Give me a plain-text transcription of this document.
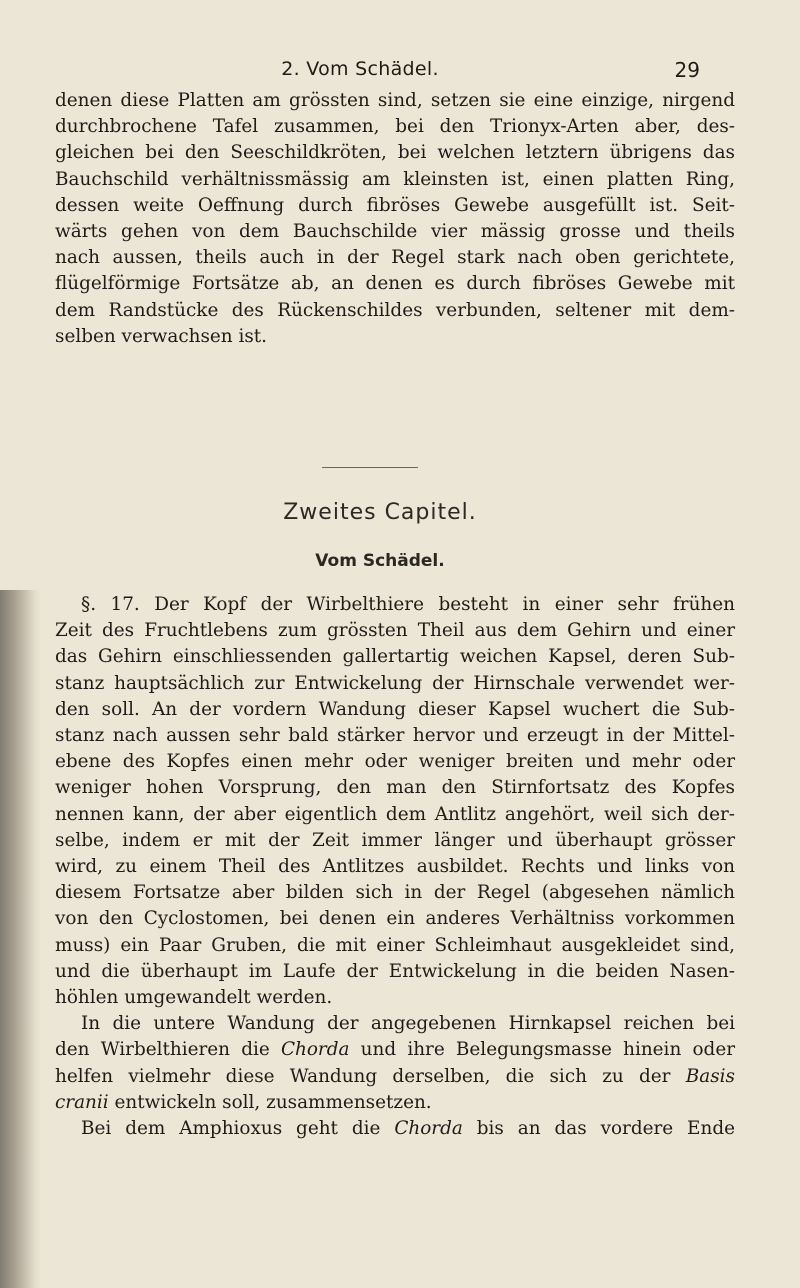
2. Vom Schädel.	29
denen diese Platten am grössten sind, setzen sie eine einzige, nirgend
durchbrochene Tafel zusammen, bei den Trionyx-Arten aber, des-
gleichen bei den Seeschildkröten, bei welchen letztern übrigens das
Bauchschild verhältnissmässig am kleinsten ist, einen platten Ring,
dessen weite Oeffnung durch fibröses Gewebe ausgefüllt ist. Seit-
wärts gehen von dem Bauchschilde vier mässig grosse und theils
nach aussen, theils auch in der Regel stark nach oben gerichtete,
flügelförmige Fortsätze ab, an denen es durch fibröses Gewebe mit
dem Randstücke des Rückenschildes verbunden, seltener mit dem-
selben verwachsen ist.
Zweites Capitel.
Vom Schädel.
§. 17. Der Kopf der Wirbelthiere besteht in einer sehr frühen
Zeit des Fruchtlebens zum grössten Theil aus dem Gehirn und einer
das Gehirn einschliessenden gallertartig weichen Kapsel, deren Sub-
stanz hauptsächlich zur Entwickelung der Hirnschale verwendet wer-
den soll. An der vordern Wandung dieser Kapsel wuchert die Sub-
stanz nach aussen sehr bald stärker hervor und erzeugt in der Mittel-
ebene des Kopfes einen mehr oder weniger breiten und mehr oder
weniger hohen Vorsprung, den man den Stirnfortsatz des Kopfes
nennen kann, der aber eigentlich dem Antlitz angehört, weil sich der-
selbe, indem er mit der Zeit immer länger und überhaupt grösser
wird, zu einem Theil des Antlitzes ausbildet. Rechts und links von
diesem Fortsatze aber bilden sich in der Regel (abgesehen nämlich
von den Cyclostomen, bei denen ein anderes Verhältniss vorkommen
muss) ein Paar Gruben, die mit einer Schleimhaut ausgekleidet sind,
und die überhaupt im Laufe der Entwickelung in die beiden Nasen-
höhlen umgewandelt werden.
In die untere Wandung der angegebenen Hirnkapsel reichen bei
den Wirbelthieren die Chorda und ihre Belegungsmasse hinein oder
helfen vielmehr diese Wandung derselben, die sich zu der Basis
cranii entwickeln soll, zusammensetzen.
Bei dem Amphioxus geht die Chorda bis an das vordere Ende
